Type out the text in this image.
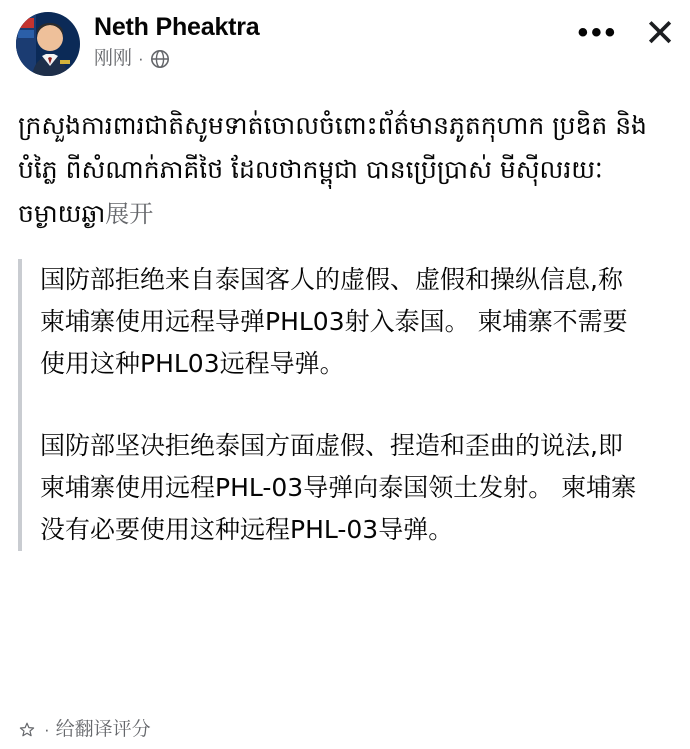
Neth Pheaktra
刚刚 ·
••• ✕
ក្រសួងការពារជាតិសូមទាត់ចោលចំពោះព័ត៌មានភូតកុហាក ប្រឌិត និងបំភ្លៃ ពីសំណាក់ភាគីថៃ ដែលថាកម្ពុជា បានប្រើប្រាស់ មីស៊ីលរយៈចម្ងាយឆ្ងា展开

国防部拒绝来自泰国客人的虚假、虚假和操纵信息,称柬埔寨使用远程导弹PHL03射入泰国。 柬埔寨不需要使用这种PHL03远程导弹。

国防部坚决拒绝泰国方面虚假、捏造和歪曲的说法,即柬埔寨使用远程PHL-03导弹向泰国领土发射。 柬埔寨没有必要使用这种远程PHL-03导弹。

· 给翻译评分
